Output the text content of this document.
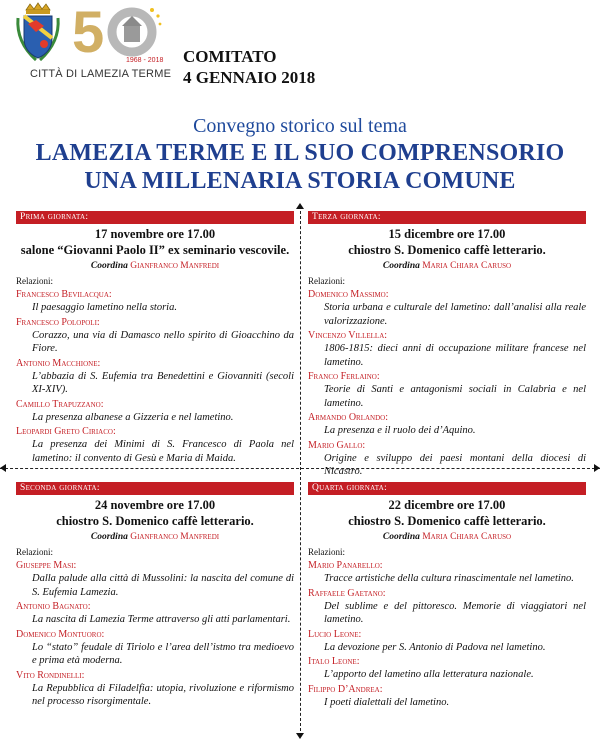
5	1968 - 2018
CITTÀ DI LAMEZIA TERME
COMITATO
4 GENNAIO 2018
Convegno storico sul tema
LAMEZIA TERME E IL SUO COMPRENSORIO
UNA MILLENARIA STORIA COMUNE
Prima giornata:
17 novembre ore 17.00
salone “Giovanni Paolo II” ex seminario vescovile.
Coordina Gianfranco Manfredi
Relazioni:
Francesco Bevilacqua:
Il paesaggio lametino nella storia.
Francesco Polopoli:
Corazzo, una via di Damasco nello spirito di Gioacchino da Fiore.
Antonio Macchione:
L’abbazia di S. Eufemia tra Benedettini e Giovanniti (secoli XI-XIV).
Camillo Trapuzzano:
La presenza albanese a Gizzeria e nel lametino.
Leopardi Greto Ciriaco:
La presenza dei Minimi di S. Francesco di Paola nel lametino: il convento di Gesù e Maria di Maida.
Terza giornata:
15 dicembre ore 17.00
chiostro S. Domenico caffè letterario.
Coordina Maria Chiara Caruso
Relazioni:
Domenico Massimo:
Storia urbana e culturale del lametino: dall’analisi alla reale valorizzazione.
Vincenzo Villella:
1806-1815: dieci anni di occupazione militare francese nel lametino.
Franco Ferlaino:
Teorie di Santi e antagonismi sociali in Calabria e nel lametino.
Armando Orlando:
La presenza e il ruolo dei d’Aquino.
Mario Gallo:
Origine e sviluppo dei paesi montani della diocesi di Nicastro.
Seconda giornata:
24 novembre ore 17.00
chiostro S. Domenico caffè letterario.
Coordina Gianfranco Manfredi
Relazioni:
Giuseppe Masi:
Dalla palude alla città di Mussolini: la nascita del comune di S. Eufemia Lamezia.
Antonio Bagnato:
La nascita di Lamezia Terme attraverso gli atti parlamentari.
Domenico Montuoro:
Lo “stato” feudale di Tiriolo e l’area dell’istmo tra medioevo e prima età moderna.
Vito Rondinelli:
La Repubblica di Filadelfia: utopia, rivoluzione e riformismo nel processo risorgimentale.
Quarta giornata:
22 dicembre ore 17.00
chiostro S. Domenico caffè letterario.
Coordina Maria Chiara Caruso
Relazioni:
Mario Panarello:
Tracce artistiche della cultura rinascimentale nel lametino.
Raffaele Gaetano:
Del sublime e del pittoresco. Memorie di viaggiatori nel lametino.
Lucio Leone:
La devozione per S. Antonio di Padova nel lametino.
Italo Leone:
L’apporto del lametino alla letteratura nazionale.
Filippo D’Andrea:
I poeti dialettali del lametino.
